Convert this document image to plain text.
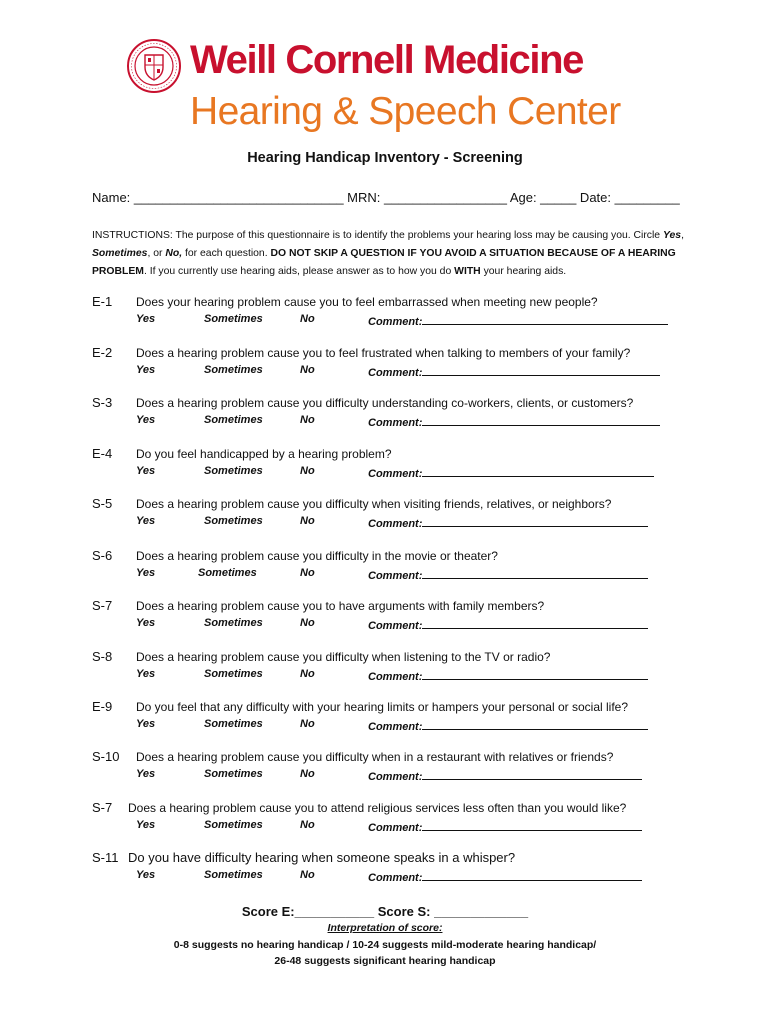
Weill Cornell Medicine
Hearing & Speech Center
Hearing Handicap Inventory - Screening
Name: _____________________________ MRN: _________________ Age: _____ Date: _________
INSTRUCTIONS: The purpose of this questionnaire is to identify the problems your hearing loss may be causing you. Circle Yes, Sometimes, or No, for each question. DO NOT SKIP A QUESTION IF YOU AVOID A SITUATION BECAUSE OF A HEARING PROBLEM. If you currently use hearing aids, please answer as to how you do WITH your hearing aids.
E-1 Does your hearing problem cause you to feel embarrassed when meeting new people?
Yes	Sometimes	No	Comment:
E-2 Does a hearing problem cause you to feel frustrated when talking to members of your family?
Yes	Sometimes	No	Comment:
S-3 Does a hearing problem cause you difficulty understanding co-workers, clients, or customers?
Yes	Sometimes	No	Comment:
E-4 Do you feel handicapped by a hearing problem?
Yes	Sometimes	No	Comment:
S-5 Does a hearing problem cause you difficulty when visiting friends, relatives, or neighbors?
Yes	Sometimes	No	Comment:
S-6 Does a hearing problem cause you difficulty in the movie or theater?
Yes	Sometimes	No	Comment:
S-7 Does a hearing problem cause you to have arguments with family members?
Yes	Sometimes	No	Comment:
S-8 Does a hearing problem cause you difficulty when listening to the TV or radio?
Yes	Sometimes	No	Comment:
E-9 Do you feel that any difficulty with your hearing limits or hampers your personal or social life?
Yes	Sometimes	No	Comment:
S-10 Does a hearing problem cause you difficulty when in a restaurant with relatives or friends?
Yes	Sometimes	No	Comment:
S-7 Does a hearing problem cause you to attend religious services less often than you would like?
Yes	Sometimes	No	Comment:
S-11 Do you have difficulty hearing when someone speaks in a whisper?
Yes	Sometimes	No	Comment:
Score E:___________ Score S: _____________
Interpretation of score:
0-8 suggests no hearing handicap / 10-24 suggests mild-moderate hearing handicap/
26-48 suggests significant hearing handicap
